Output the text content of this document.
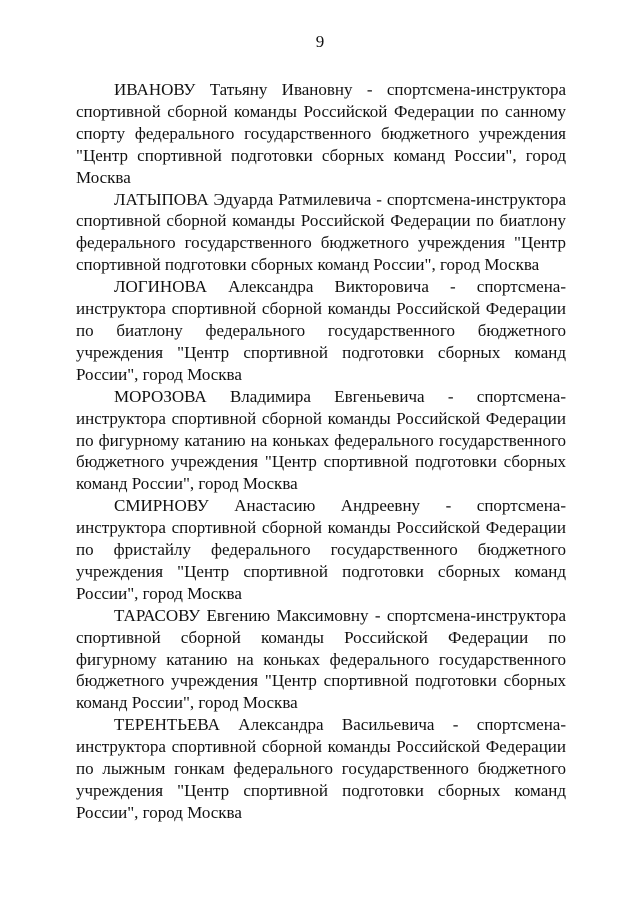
9

ИВАНОВУ Татьяну Ивановну - спортсмена-инструктора спортивной сборной команды Российской Федерации по санному спорту федерального государственного бюджетного учреждения "Центр спортивной подготовки сборных команд России", город Москва

ЛАТЫПОВА Эдуарда Ратмилевича - спортсмена-инструктора спортивной сборной команды Российской Федерации по биатлону федерального государственного бюджетного учреждения "Центр спортивной подготовки сборных команд России", город Москва

ЛОГИНОВА Александра Викторовича - спортсмена-инструктора спортивной сборной команды Российской Федерации по биатлону федерального государственного бюджетного учреждения "Центр спортивной подготовки сборных команд России", город Москва

МОРОЗОВА Владимира Евгеньевича - спортсмена-инструктора спортивной сборной команды Российской Федерации по фигурному катанию на коньках федерального государственного бюджетного учреждения "Центр спортивной подготовки сборных команд России", город Москва

СМИРНОВУ Анастасию Андреевну - спортсмена-инструктора спортивной сборной команды Российской Федерации по фристайлу федерального государственного бюджетного учреждения "Центр спортивной подготовки сборных команд России", город Москва

ТАРАСОВУ Евгению Максимовну - спортсмена-инструктора спортивной сборной команды Российской Федерации по фигурному катанию на коньках федерального государственного бюджетного учреждения "Центр спортивной подготовки сборных команд России", город Москва

ТЕРЕНТЬЕВА Александра Васильевича - спортсмена-инструктора спортивной сборной команды Российской Федерации по лыжным гонкам федерального государственного бюджетного учреждения "Центр спортивной подготовки сборных команд России", город Москва
